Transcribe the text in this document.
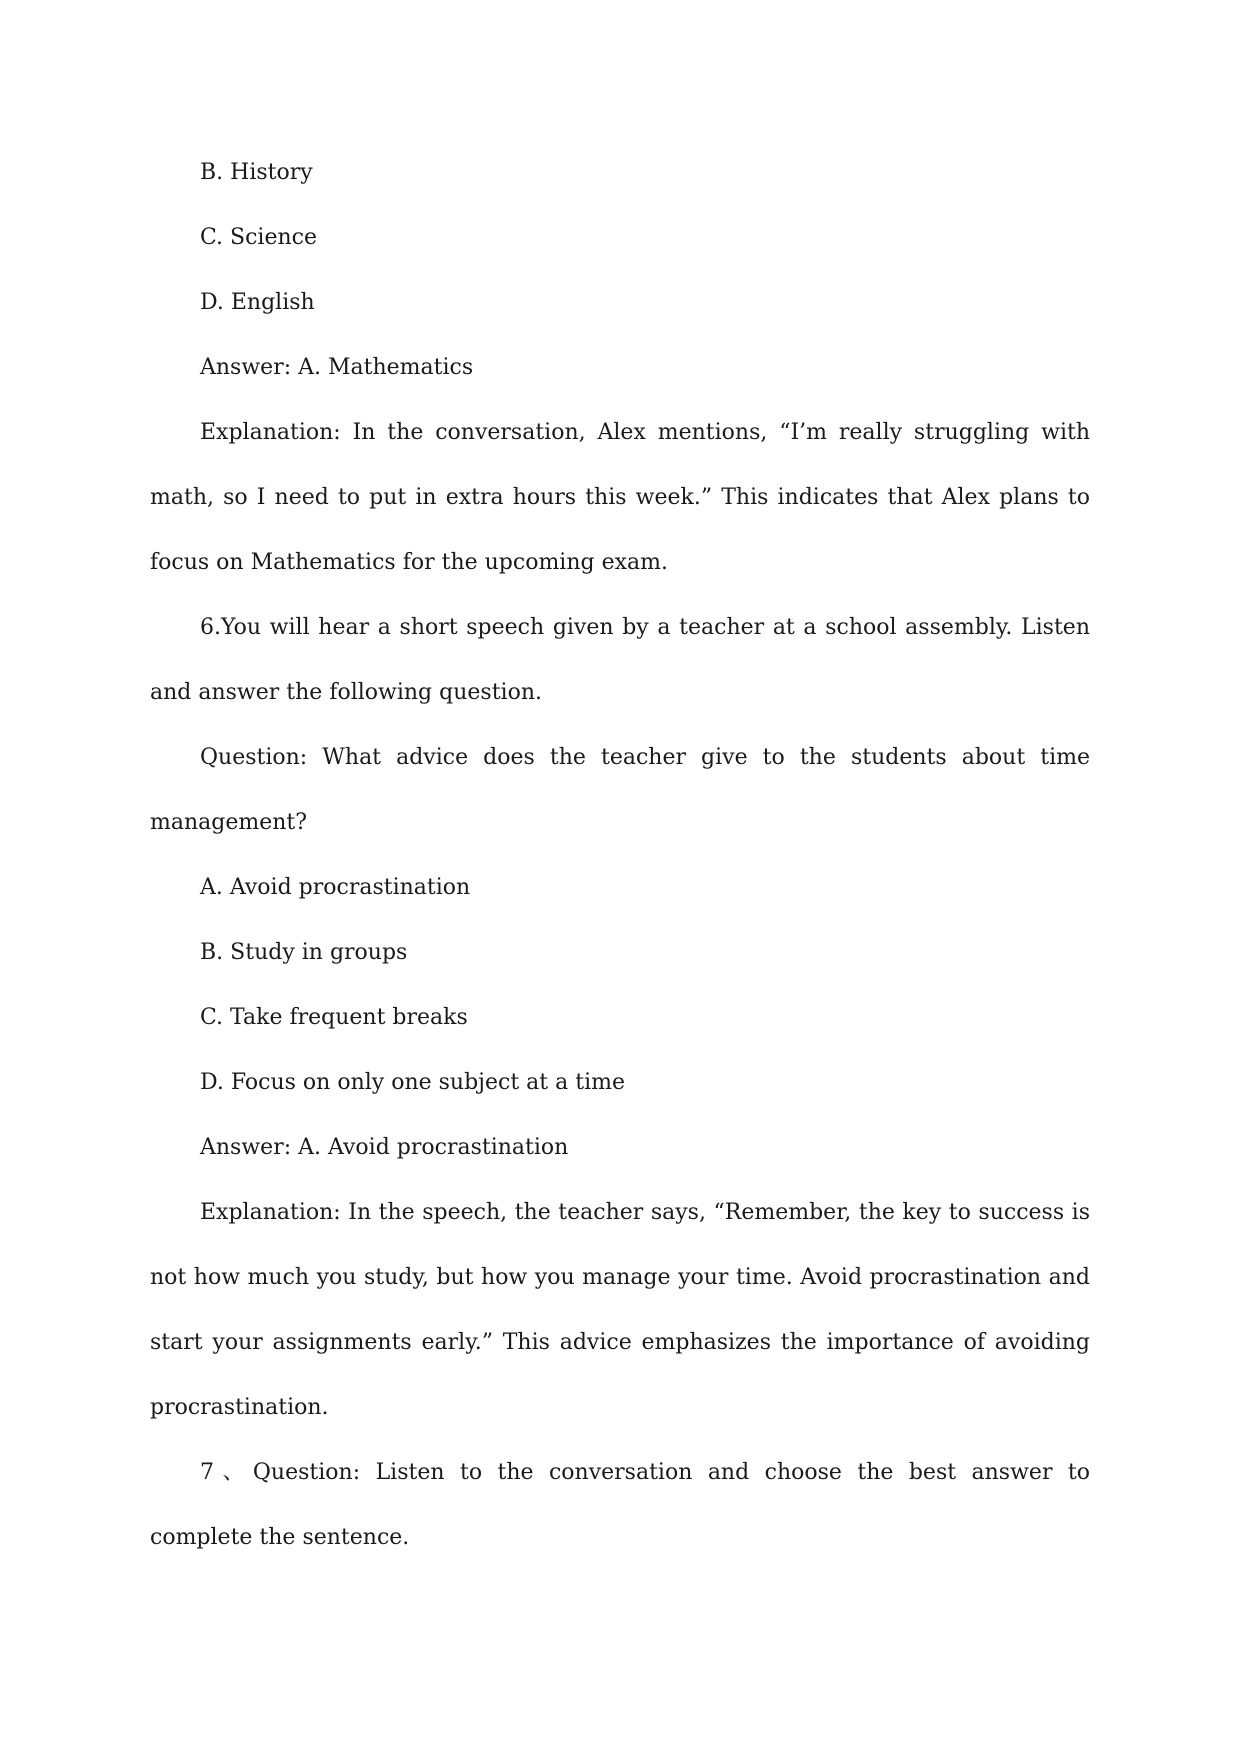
B. History

C. Science

D. English

Answer: A. Mathematics

Explanation: In the conversation, Alex mentions, “I’m really struggling with math, so I need to put in extra hours this week.” This indicates that Alex plans to focus on Mathematics for the upcoming exam.

6.You will hear a short speech given by a teacher at a school assembly. Listen and answer the following question.

Question: What advice does the teacher give to the students about time management?

A. Avoid procrastination

B. Study in groups

C. Take frequent breaks

D. Focus on only one subject at a time

Answer: A. Avoid procrastination

Explanation: In the speech, the teacher says, “Remember, the key to success is not how much you study, but how you manage your time. Avoid procrastination and start your assignments early.” This advice emphasizes the importance of avoiding procrastination.

7、Question: Listen to the conversation and choose the best answer to complete the sentence.
